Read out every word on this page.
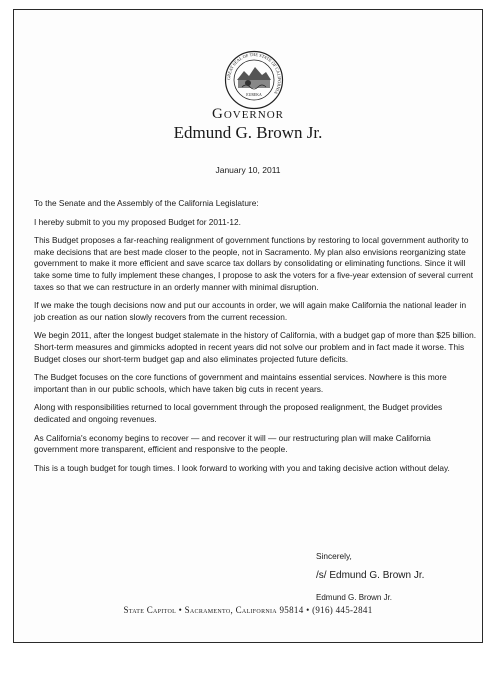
GREAT SEAL OF THE STATE OF CALIFORNIA
EUREKA
Governor
Edmund G. Brown Jr.
January 10, 2011

To the Senate and the Assembly of the California Legislature:

I hereby submit to you my proposed Budget for 2011-12.

This Budget proposes a far-reaching realignment of government functions by restoring to local government authority to make decisions that are best made closer to the people, not in Sacramento. My plan also envisions reorganizing state government to make it more efficient and save scarce tax dollars by consolidating or eliminating functions. Since it will take some time to fully implement these changes, I propose to ask the voters for a five-year extension of several current taxes so that we can restructure in an orderly manner with minimal disruption.

If we make the tough decisions now and put our accounts in order, we will again make California the national leader in job creation as our nation slowly recovers from the current recession.

We begin 2011, after the longest budget stalemate in the history of California, with a budget gap of more than $25 billion. Short-term measures and gimmicks adopted in recent years did not solve our problem and in fact made it worse. This Budget closes our short-term budget gap and also eliminates projected future deficits.

The Budget focuses on the core functions of government and maintains essential services. Nowhere is this more important than in our public schools, which have taken big cuts in recent years.

Along with responsibilities returned to local government through the proposed realignment, the Budget provides dedicated and ongoing revenues.

As California's economy begins to recover — and recover it will — our restructuring plan will make California government more transparent, efficient and responsive to the people.

This is a tough budget for tough times. I look forward to working with you and taking decisive action without delay.

Sincerely,
/s/ Edmund G. Brown Jr.
Edmund G. Brown Jr.
State Capitol • Sacramento, California 95814 • (916) 445-2841
